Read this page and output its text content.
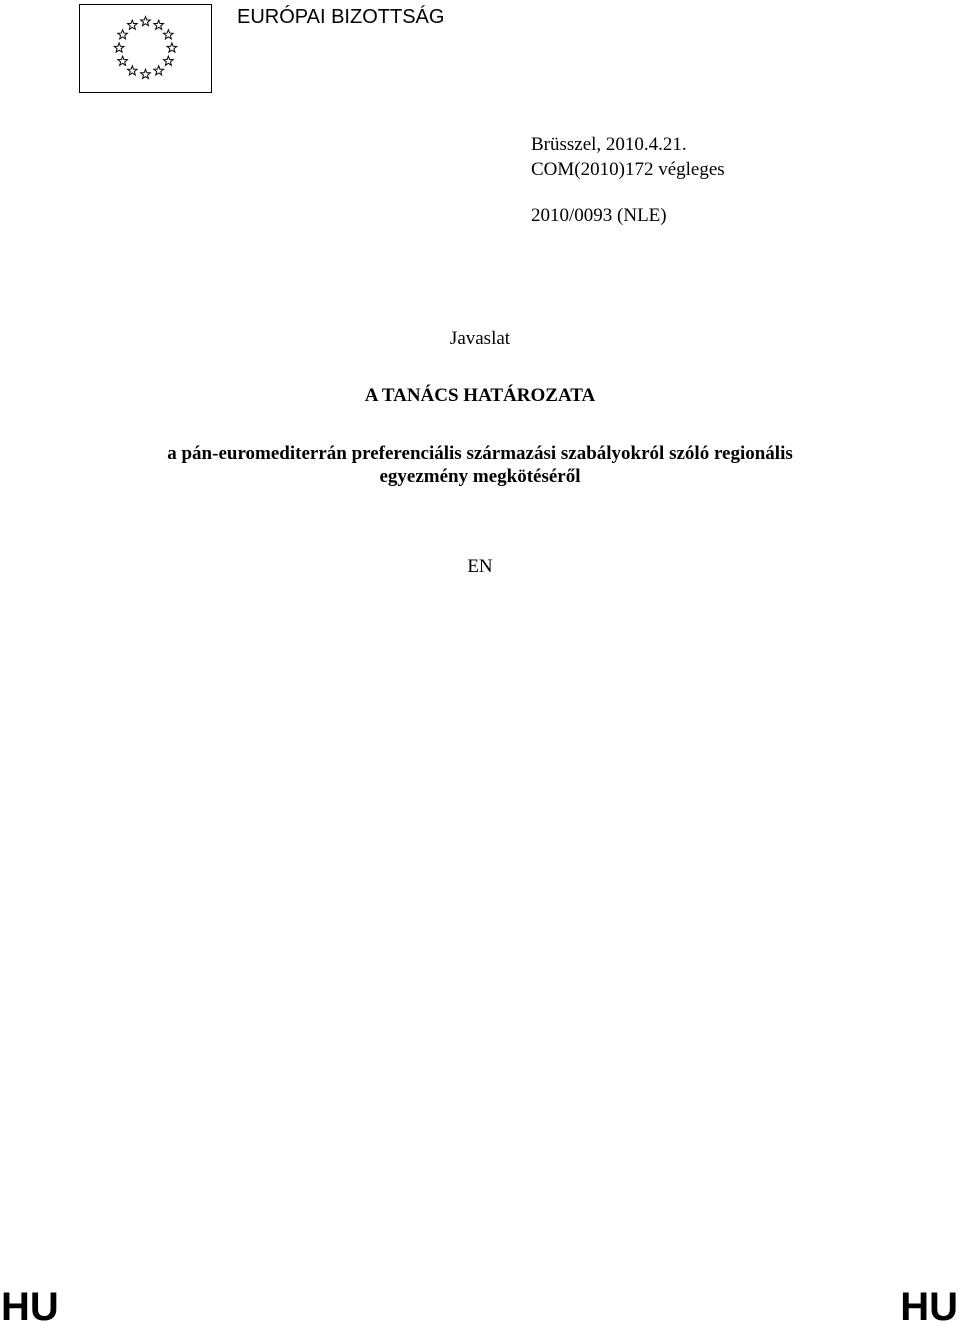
EURÓPAI BIZOTTSÁG
Brüsszel, 2010.4.21.
COM(2010)172 végleges
2010/0093 (NLE)
Javaslat
A TANÁCS HATÁROZATA
a pán-euromediterrán preferenciális származási szabályokról szóló regionális
egyezmény megkötéséről
EN
HU	HU
